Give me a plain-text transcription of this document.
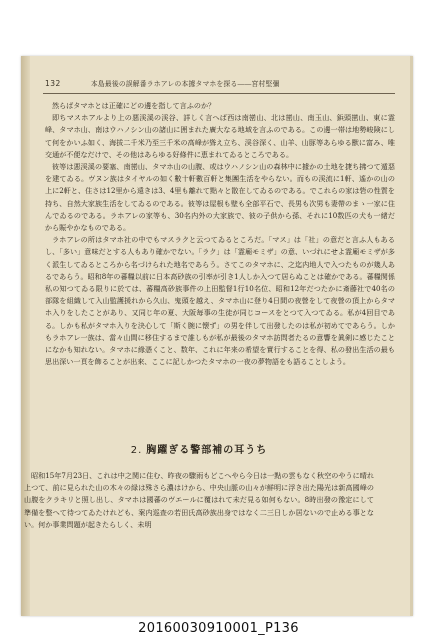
132	本島最後の誤解番ラホアレの本據タマホを探る――宮村堅彌

然らばタマホとは正確にどの邊を指して言ふのか？

即ちマスホアルより上の悪渓溪の渓谷、詳しく言へば西は南巒山、北は巒山、南玉山、鋲頭巒山、東に霊峰、タマホ山、南はウハノシン山の諸山に囲まれた廣大なる地域を言ふのである。この邊一帯は地勢峻険にして何をかいふ如く、海拔二千米乃至三千米の高峰が聳え立ち、渓谷深く、山羊、山豚等あらゆる獸に富み、唯交通が不便なだけで、その他はあらゆる好條件に恵まれてゐるところである。

彼等は悪渓溪の要塞、南巒山、タマホ山の山腹、或はウハノシン山の森林中に據かの土地を捷ち拂つて遁惡を建てゐる。ヴヌン族はタイヤルの如く數十軒數百軒と集團生活をやらない。而もの渓流に1軒、遙かの山の上に2軒と、住さは12里から遠きは3、4里も離れて點々と散在してゐるのである。でこれらの家は砦の性質を持ち、自然大家族生活をしてゐるのである。彼等は屋根も壁も全部平石で、長男も次男も妻帶のまゝ一家に住んでゐるのである。ラホアレの家等も、30名内外の大家族で、彼の子供から孫、それに10数匹の犬も一緒だから賑やかなものである。

ラホアレの所はタマホ社の中でもマスラクと云つてゐるところだ。「マス」は「社」の意だと言ふ人もあるし、「多い」意味だとする人もあり確かでない。「ラク」は「霊廟モミザ」の意、いづれにせよ霊廟モミザが多く派生してゐるところから名づけられた地名であらう。さてこのタマホに、之迄内地人で入つたものが幾人あるであらう。昭和8年の蕃糧以前に日本高砂族の引率が引き1人しか入つて居らぬことは確かである。蕃糧関係私の知つてゐる限りに於ては、蕃糧高砂族事件の上田監督1行10名位、昭和12年だつたかに斎藤社で40名の部隊を組織して入山監護援れから久山、鬼頭を越え、タマホ山に登り4日間の夜營をして夜營の頂上からタマホ入りをしたことがあり、又同じ年の夏、大阪毎事の生徒が同じコースをとつて入つてゐる。私が4回目である。しかも私がタマホ入りを決心して「斯く腕に懐ず」の男を伴して出發したのは私が初めてであらう。しかもラホアレ一族は、當々山間に移住するまで誰しもが私が最後のタマホ訪問者たるの意響を眞剣に感じたことになかも知れない。タマホに緣憑くこと、数年、これに年来の希望を實行することを得、私の發出生活の最も思出深い一頁を飾ることが出來、ここに記しかつたタマホの一夜の夢物語をも語ることしよう。

2. 胸躍ぎる警部補の耳うち

昭和15年7月23日、これは中之関に住む、昨夜の驟雨もどこへやら今日は一點の雲もなく秋空のやうに晴れ上つて、前に見られた山の木々の緑は殊さら濃はけから、中央山脈の山々が鮮明に浮き出た陽光は新高國峰の山腹をクラキリと照し出し、タマホは國蕃のヴエールに覆はれて未だ見る如何もない。8時出發の豫定にして準備を整へて待つてゐたけれども、案内巡查の若田氏高砂族出身ではなく二三日しか居ないので止める事とない。何か事業問題が起きたらしく、未明

20160030910001_P136
